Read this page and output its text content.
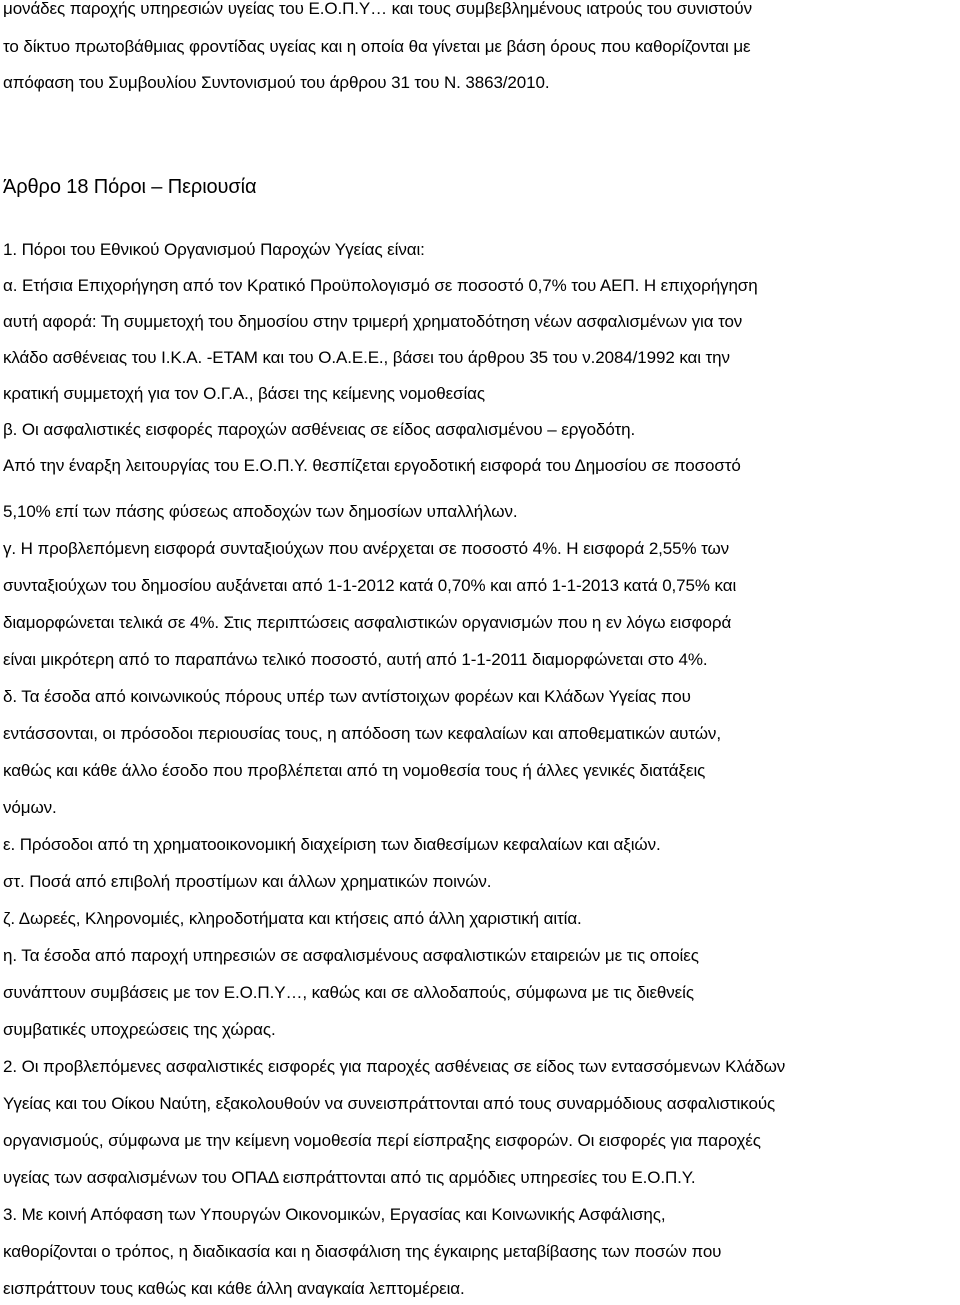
μονάδες παροχής υπηρεσιών υγείας του Ε.Ο.Π.Υ… και τους συμβεβλημένους ιατρούς του συνιστούν
το δίκτυο πρωτοβάθμιας φροντίδας υγείας και η οποία θα γίνεται με βάση όρους που καθορίζονται με
απόφαση του Συμβουλίου Συντονισμού του άρθρου 31 του Ν. 3863/2010.
Άρθρο 18 Πόροι – Περιουσία
1. Πόροι του Εθνικού Οργανισμού Παροχών Υγείας είναι:
α. Ετήσια Επιχορήγηση από τον Κρατικό Προϋπολογισμό σε ποσοστό 0,7% του ΑΕΠ. Η επιχορήγηση
αυτή αφορά: Τη συμμετοχή του δημοσίου στην τριμερή χρηματοδότηση νέων ασφαλισμένων για τον
κλάδο ασθένειας του Ι.Κ.Α. -ΕΤΑΜ και του Ο.Α.Ε.Ε., βάσει του άρθρου 35 του ν.2084/1992 και την
κρατική συμμετοχή για τον Ο.Γ.Α., βάσει της κείμενης νομοθεσίας
β. Οι ασφαλιστικές εισφορές παροχών ασθένειας σε είδος ασφαλισμένου – εργοδότη.
Από την έναρξη λειτουργίας του Ε.Ο.Π.Υ. θεσπίζεται εργοδοτική εισφορά του Δημοσίου σε ποσοστό
5,10% επί των πάσης φύσεως αποδοχών των δημοσίων υπαλλήλων.
γ. Η προβλεπόμενη εισφορά συνταξιούχων που ανέρχεται σε ποσοστό 4%. Η εισφορά 2,55% των
συνταξιούχων του δημοσίου αυξάνεται από 1-1-2012 κατά 0,70% και από 1-1-2013 κατά 0,75% και
διαμορφώνεται τελικά σε 4%. Στις περιπτώσεις ασφαλιστικών οργανισμών που η εν λόγω εισφορά
είναι μικρότερη από το παραπάνω τελικό ποσοστό, αυτή από 1-1-2011 διαμορφώνεται στο 4%.
δ. Τα έσοδα από κοινωνικούς πόρους υπέρ των αντίστοιχων φορέων και Κλάδων Υγείας που
εντάσσονται, οι πρόσοδοι περιουσίας τους, η απόδοση των κεφαλαίων και αποθεματικών αυτών,
καθώς και κάθε άλλο έσοδο που προβλέπεται από τη νομοθεσία τους ή άλλες γενικές διατάξεις
νόμων.
ε. Πρόσοδοι από τη χρηματοοικονομική διαχείριση των διαθεσίμων κεφαλαίων και αξιών.
στ. Ποσά από επιβολή προστίμων και άλλων χρηματικών ποινών.
ζ. Δωρεές, Κληρονομιές, κληροδοτήματα και κτήσεις από άλλη χαριστική αιτία.
η. Τα έσοδα από παροχή υπηρεσιών σε ασφαλισμένους ασφαλιστικών εταιρειών με τις οποίες
συνάπτουν συμβάσεις με τον Ε.Ο.Π.Υ…, καθώς και σε αλλοδαπούς, σύμφωνα με τις διεθνείς
συμβατικές υποχρεώσεις της χώρας.
2. Οι προβλεπόμενες ασφαλιστικές εισφορές για παροχές ασθένειας σε είδος των εντασσόμενων Κλάδων
Υγείας και του Οίκου Ναύτη, εξακολουθούν να συνεισπράττονται από τους συναρμόδιους ασφαλιστικούς
οργανισμούς, σύμφωνα με την κείμενη νομοθεσία περί είσπραξης εισφορών. Οι εισφορές για παροχές
υγείας των ασφαλισμένων του ΟΠΑΔ εισπράττονται από τις αρμόδιες υπηρεσίες του Ε.Ο.Π.Υ.
3. Με κοινή Απόφαση των Υπουργών Οικονομικών, Εργασίας και Κοινωνικής Ασφάλισης,
καθορίζονται ο τρόπος, η διαδικασία και η διασφάλιση της έγκαιρης μεταβίβασης των ποσών που
εισπράττουν τους καθώς και κάθε άλλη αναγκαία λεπτομέρεια.
